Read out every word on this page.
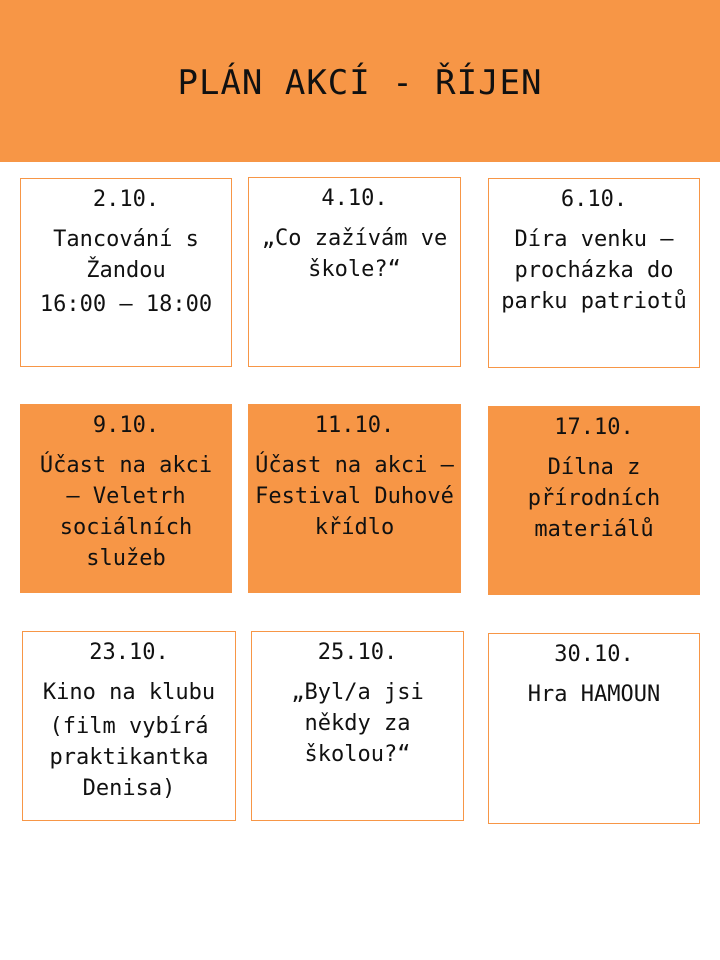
PLÁN AKCÍ - ŘÍJEN
2.10.
Tancování s Žandou
16:00 – 18:00
4.10.
„Co zažívám ve škole?“
6.10.
Díra venku – procházka do parku patriotů
9.10.
Účast na akci – Veletrh sociálních služeb
11.10.
Účast na akci – Festival Duhové křídlo
17.10.
Dílna z přírodních materiálů
23.10.
Kino na klubu
(film vybírá praktikantka Denisa)
25.10.
„Byl/a jsi někdy za školou?“
30.10.
Hra HAMOUN
